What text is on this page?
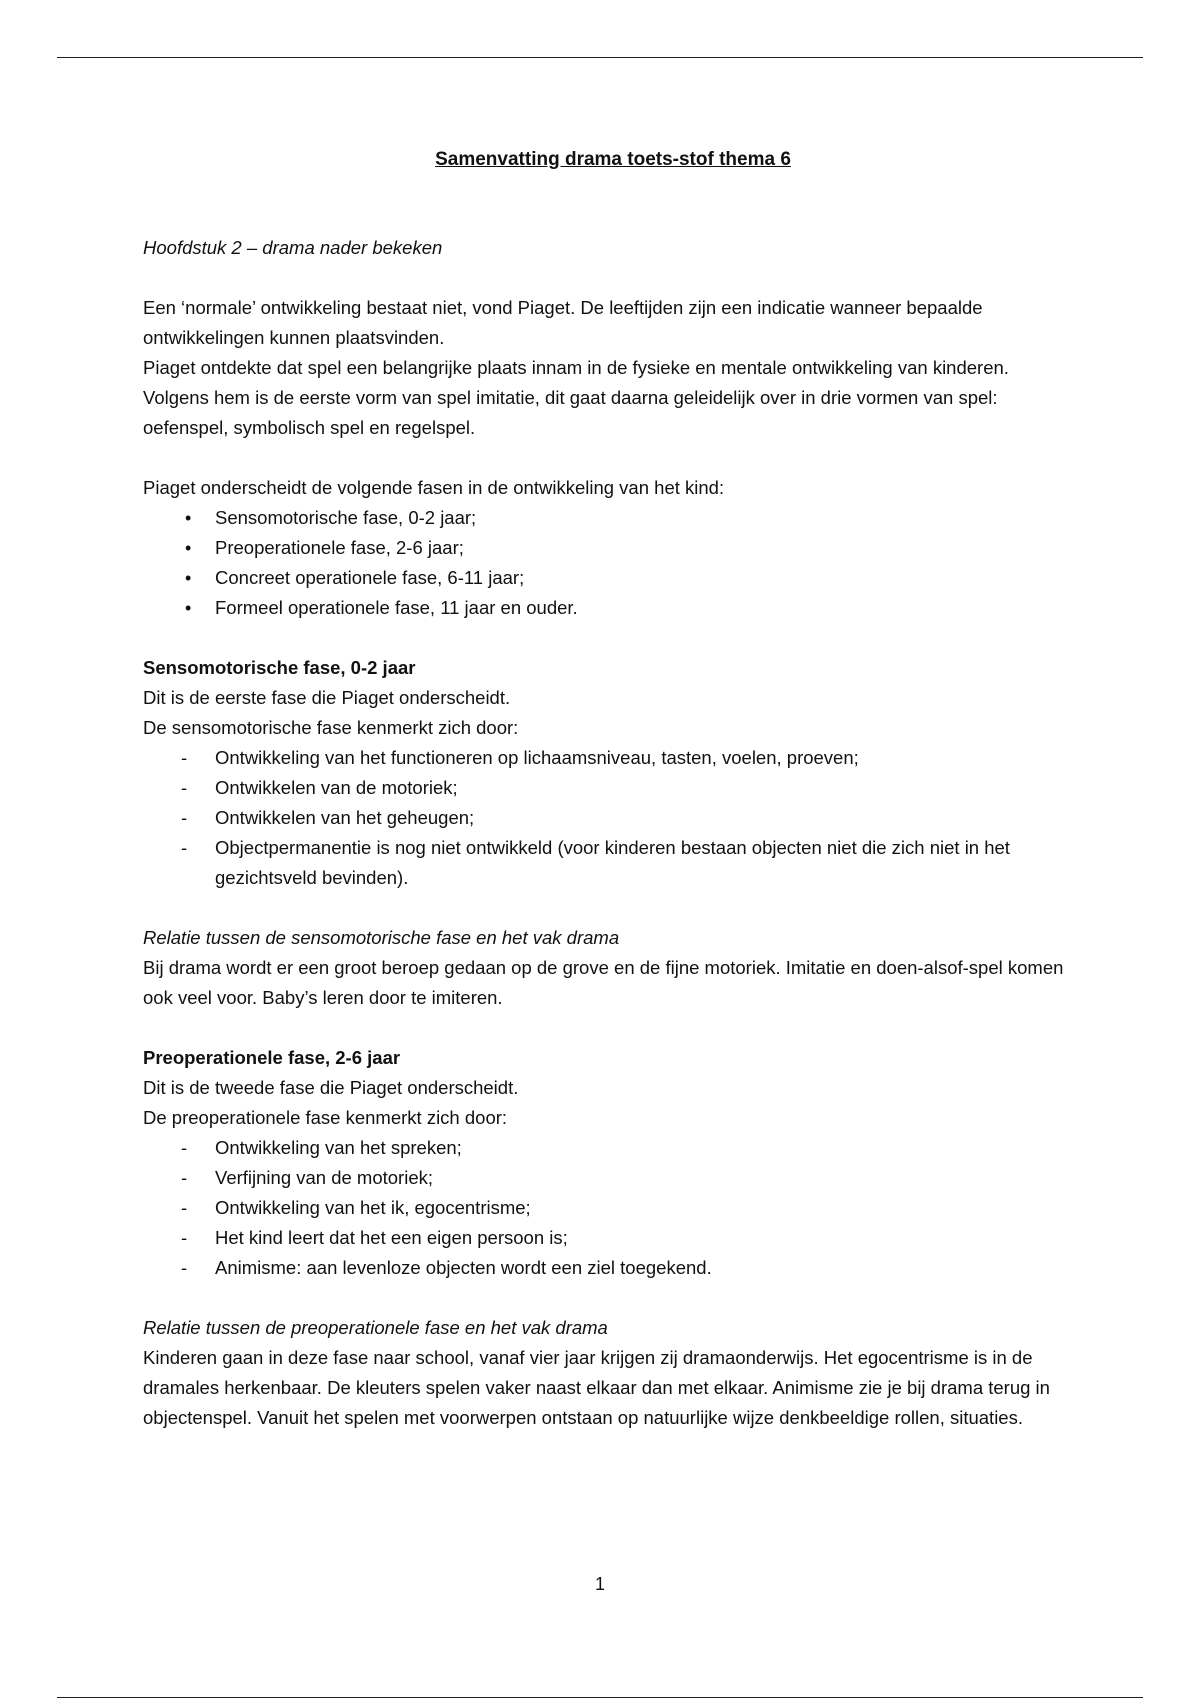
Samenvatting drama toets-stof thema 6

Hoofdstuk 2 – drama nader bekeken

Een ‘normale’ ontwikkeling bestaat niet, vond Piaget. De leeftijden zijn een indicatie wanneer bepaalde ontwikkelingen kunnen plaatsvinden.

Piaget ontdekte dat spel een belangrijke plaats innam in de fysieke en mentale ontwikkeling van kinderen.

Volgens hem is de eerste vorm van spel imitatie, dit gaat daarna geleidelijk over in drie vormen van spel: oefenspel, symbolisch spel en regelspel.

Piaget onderscheidt de volgende fasen in de ontwikkeling van het kind:

• Sensomotorische fase, 0-2 jaar;
• Preoperationele fase, 2-6 jaar;
• Concreet operationele fase, 6-11 jaar;
• Formeel operationele fase, 11 jaar en ouder.

Sensomotorische fase, 0-2 jaar

Dit is de eerste fase die Piaget onderscheidt.

De sensomotorische fase kenmerkt zich door:

- Ontwikkeling van het functioneren op lichaamsniveau, tasten, voelen, proeven;
- Ontwikkelen van de motoriek;
- Ontwikkelen van het geheugen;
- Objectpermanentie is nog niet ontwikkeld (voor kinderen bestaan objecten niet die zich niet in het gezichtsveld bevinden).

Relatie tussen de sensomotorische fase en het vak drama

Bij drama wordt er een groot beroep gedaan op de grove en de fijne motoriek. Imitatie en doen-alsof-spel komen ook veel voor. Baby’s leren door te imiteren.

Preoperationele fase, 2-6 jaar

Dit is de tweede fase die Piaget onderscheidt.

De preoperationele fase kenmerkt zich door:

- Ontwikkeling van het spreken;
- Verfijning van de motoriek;
- Ontwikkeling van het ik, egocentrisme;
- Het kind leert dat het een eigen persoon is;
- Animisme: aan levenloze objecten wordt een ziel toegekend.

Relatie tussen de preoperationele fase en het vak drama

Kinderen gaan in deze fase naar school, vanaf vier jaar krijgen zij dramaonderwijs. Het egocentrisme is in de dramales herkenbaar. De kleuters spelen vaker naast elkaar dan met elkaar. Animisme zie je bij drama terug in objectenspel. Vanuit het spelen met voorwerpen ontstaan op natuurlijke wijze denkbeeldige rollen, situaties.

1
